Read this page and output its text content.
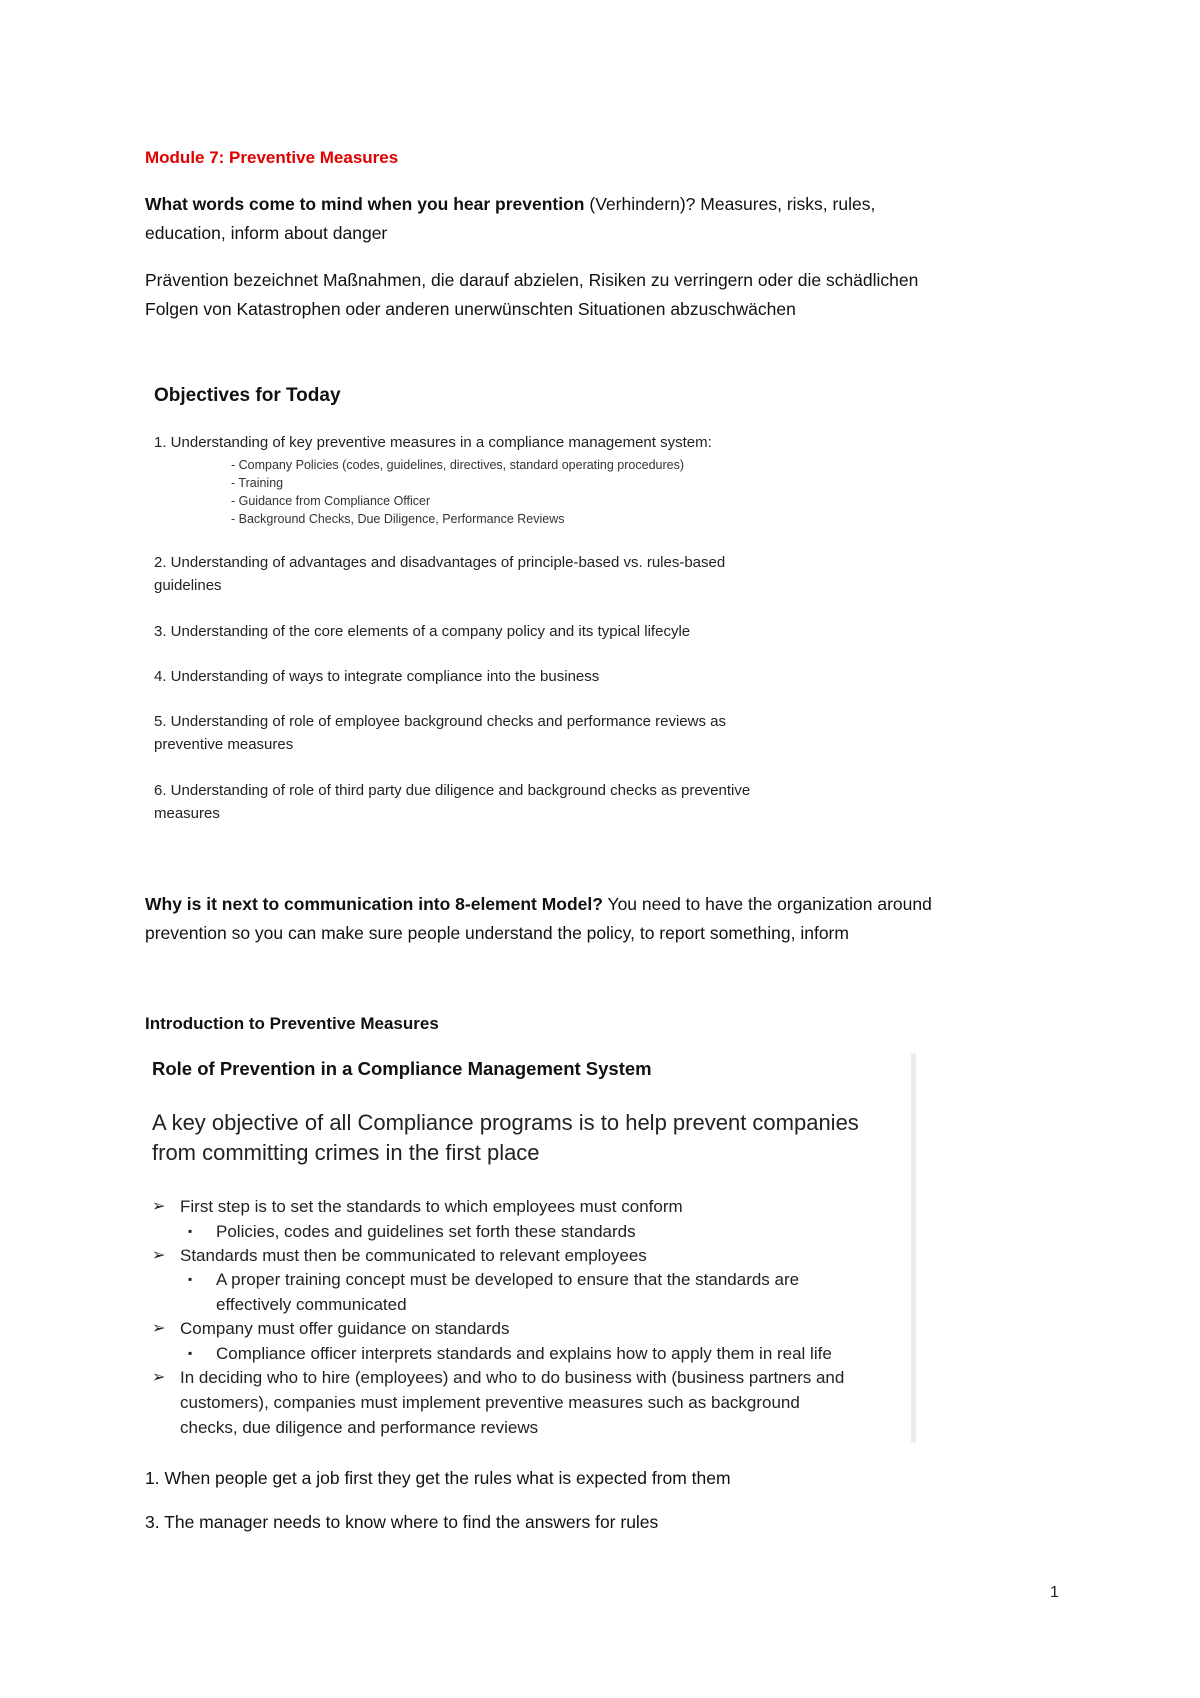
Module 7: Preventive Measures
What words come to mind when you hear prevention (Verhindern)? Measures, risks, rules,
education, inform about danger
Prävention bezeichnet Maßnahmen, die darauf abzielen, Risiken zu verringern oder die schädlichen
Folgen von Katastrophen oder anderen unerwünschten Situationen abzuschwächen
Objectives for Today
1. Understanding of key preventive measures in a compliance management system:
- Company Policies (codes, guidelines, directives, standard operating procedures)
- Training
- Guidance from Compliance Officer
- Background Checks, Due Diligence, Performance Reviews
2. Understanding of advantages and disadvantages of principle-based vs. rules-based
guidelines
3. Understanding of the core elements of a company policy and its typical lifecyle
4. Understanding of ways to integrate compliance into the business
5. Understanding of role of employee background checks and performance reviews as
preventive measures
6. Understanding of role of third party due diligence and background checks as preventive
measures
Why is it next to communication into 8-element Model? You need to have the organization around
prevention so you can make sure people understand the policy, to report something, inform
Introduction to Preventive Measures
Role of Prevention in a Compliance Management System
A key objective of all Compliance programs is to help prevent companies
from committing crimes in the first place
➢ First step is to set the standards to which employees must conform
▪ Policies, codes and guidelines set forth these standards
➢ Standards must then be communicated to relevant employees
▪ A proper training concept must be developed to ensure that the standards are
effectively communicated
➢ Company must offer guidance on standards
▪ Compliance officer interprets standards and explains how to apply them in real life
➢ In deciding who to hire (employees) and who to do business with (business partners and
customers), companies must implement preventive measures such as background
checks, due diligence and performance reviews
1. When people get a job first they get the rules what is expected from them
3. The manager needs to know where to find the answers for rules
1
